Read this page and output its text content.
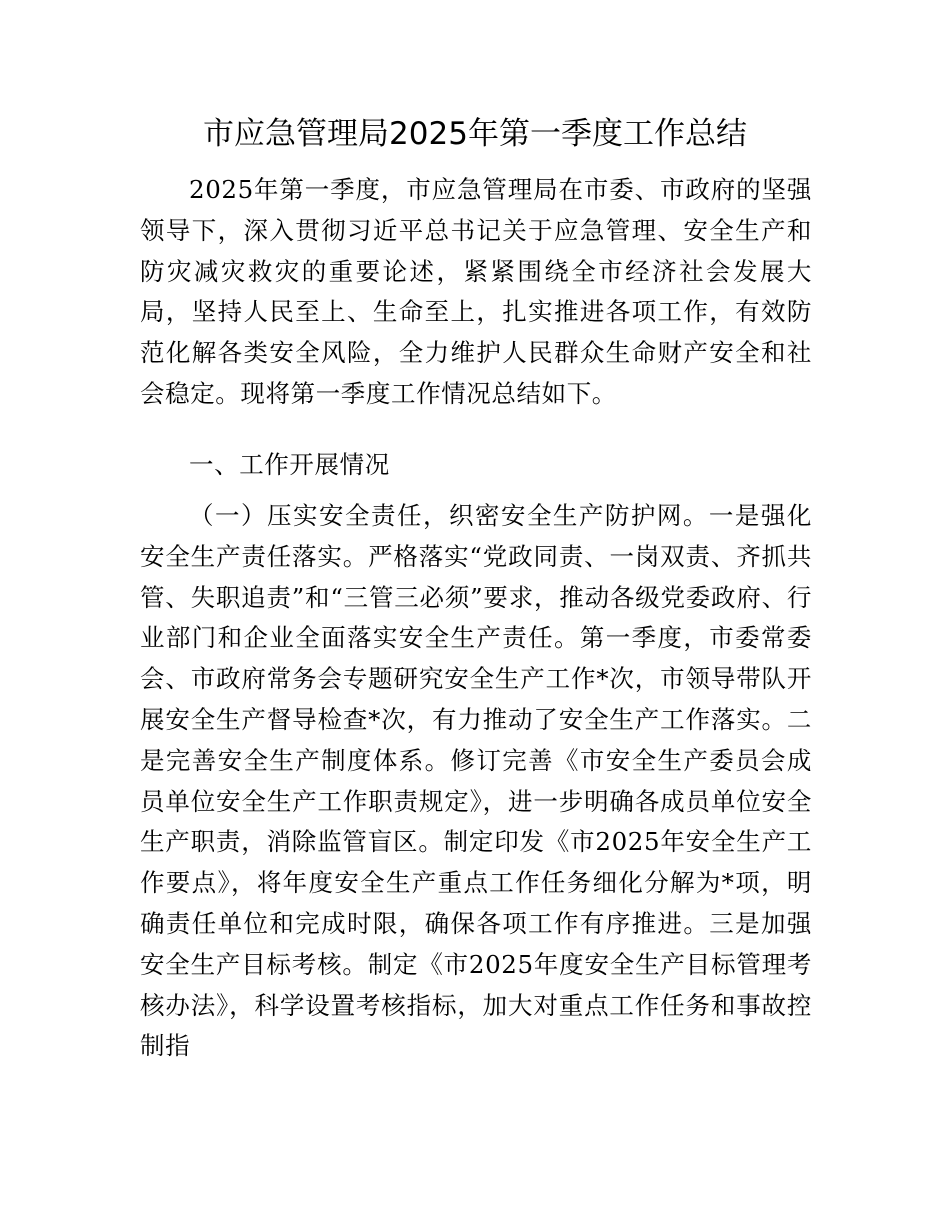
市应急管理局2025年第一季度工作总结

2025年第一季度，市应急管理局在市委、市政府的坚强领导下，深入贯彻习近平总书记关于应急管理、安全生产和防灾减灾救灾的重要论述，紧紧围绕全市经济社会发展大局，坚持人民至上、生命至上，扎实推进各项工作，有效防范化解各类安全风险，全力维护人民群众生命财产安全和社会稳定。现将第一季度工作情况总结如下。

一、工作开展情况

（一）压实安全责任，织密安全生产防护网。一是强化安全生产责任落实。严格落实“党政同责、一岗双责、齐抓共管、失职追责”和“三管三必须”要求，推动各级党委政府、行业部门和企业全面落实安全生产责任。第一季度，市委常委会、市政府常务会专题研究安全生产工作*次，市领导带队开展安全生产督导检查*次，有力推动了安全生产工作落实。二是完善安全生产制度体系。修订完善《市安全生产委员会成员单位安全生产工作职责规定》，进一步明确各成员单位安全生产职责，消除监管盲区。制定印发《市2025年安全生产工作要点》，将年度安全生产重点工作任务细化分解为*项，明确责任单位和完成时限，确保各项工作有序推进。三是加强安全生产目标考核。制定《市2025年度安全生产目标管理考核办法》，科学设置考核指标，加大对重点工作任务和事故控制指
